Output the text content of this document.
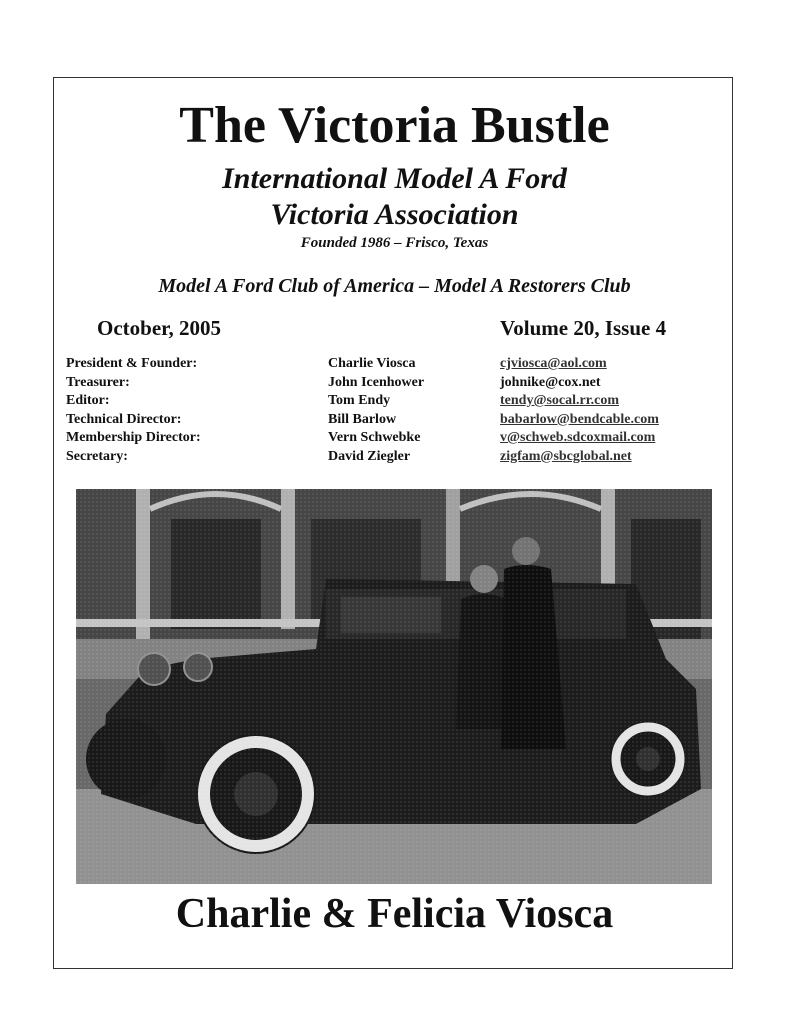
The Victoria Bustle
International Model A Ford
Victoria Association
Founded 1986 – Frisco, Texas
Model A Ford Club of America – Model A Restorers Club
October, 2005	Volume 20, Issue 4
President & Founder:	Charlie Viosca	cjviosca@aol.com
Treasurer:	John Icenhower	johnike@cox.net
Editor:	Tom Endy	tendy@socal.rr.com
Technical Director:	Bill Barlow	babarlow@bendcable.com
Membership Director:	Vern Schwebke	v@schweb.sdcoxmail.com
Secretary:	David Ziegler	zigfam@sbcglobal.net
Charlie & Felicia Viosca
